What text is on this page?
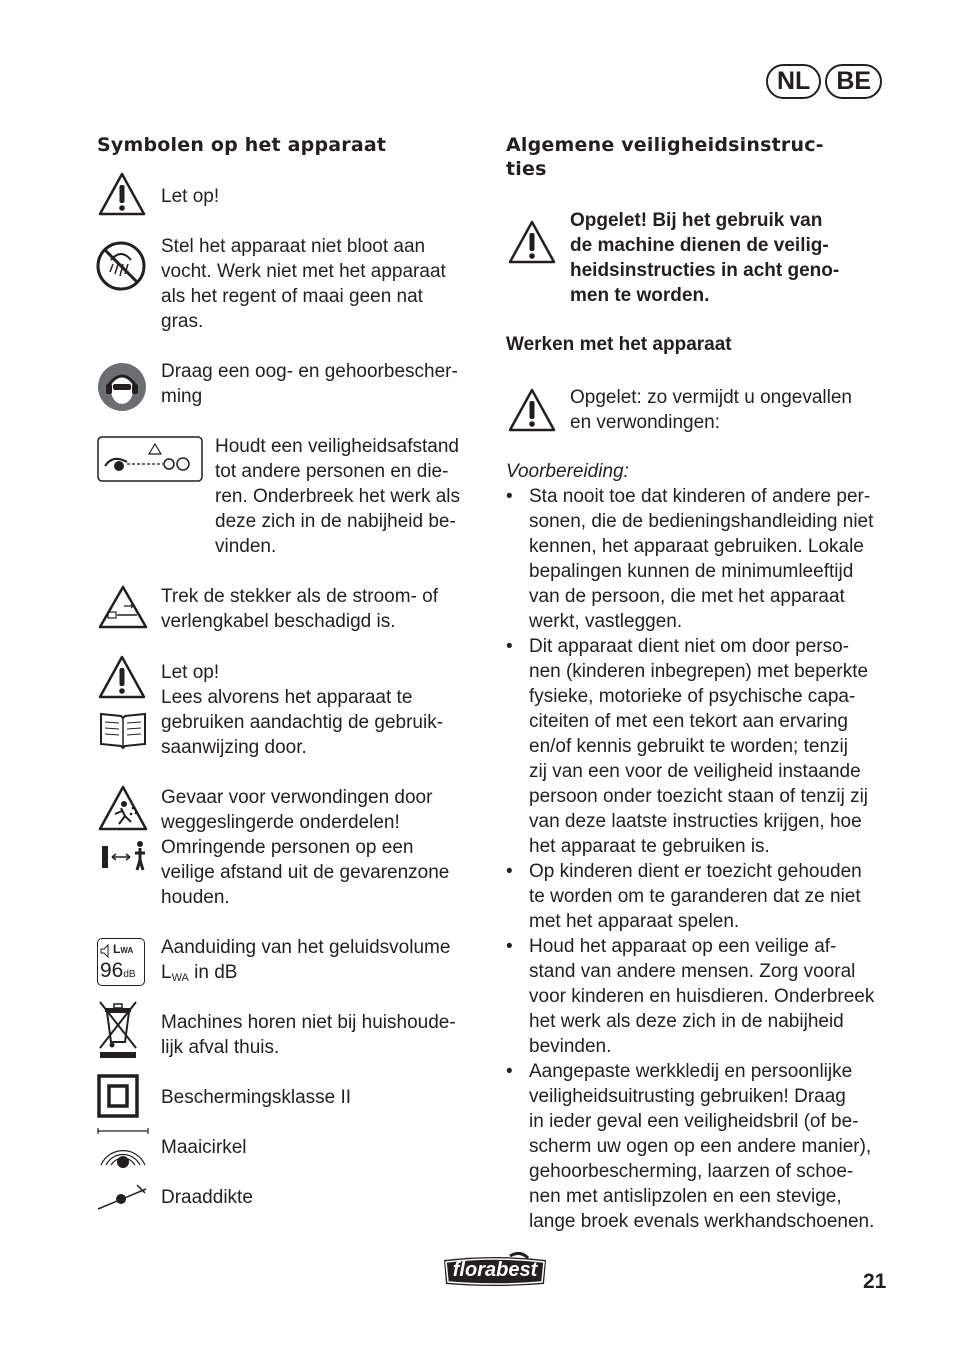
NL	BE
Symbolen op het apparaat
Let op!
Stel het apparaat niet bloot aan
vocht. Werk niet met het apparaat
als het regent of maai geen nat
gras.
Draag een oog- en gehoorbescher-
ming
Houdt een veiligheidsafstand
tot andere personen en die-
ren. Onderbreek het werk als
deze zich in de nabijheid be-
vinden.
Trek de stekker als de stroom- of
verlengkabel beschadigd is.
Let op!
Lees alvorens het apparaat te
gebruiken aandachtig de gebruik-
saanwijzing door.
Gevaar voor verwondingen door
weggeslingerde onderdelen!
Omringende personen op een
veilige afstand uit de gevarenzone
houden.
LWA
96dB
Aanduiding van het geluidsvolume
$L_{WA}$ in dB
Machines horen niet bij huishoude-
lijk afval thuis.
Beschermingsklasse II
Maaicirkel
Draaddikte
Algemene veiligheidsinstruc-
ties
Opgelet! Bij het gebruik van
de machine dienen de veilig-
heidsinstructies in acht geno-
men te worden.
Werken met het apparaat
Opgelet: zo vermijdt u ongevallen
en verwondingen:
Voorbereiding:
• Sta nooit toe dat kinderen of andere per-
sonen, die de bedieningshandleiding niet
kennen, het apparaat gebruiken. Lokale
bepalingen kunnen de minimumleeftijd
van de persoon, die met het apparaat
werkt, vastleggen.
• Dit apparaat dient niet om door perso-
nen (kinderen inbegrepen) met beperkte
fysieke, motorieke of psychische capa-
citeiten of met een tekort aan ervaring
en/of kennis gebruikt te worden; tenzij
zij van een voor de veiligheid instaande
persoon onder toezicht staan of tenzij zij
van deze laatste instructies krijgen, hoe
het apparaat te gebruiken is.
• Op kinderen dient er toezicht gehouden
te worden om te garanderen dat ze niet
met het apparaat spelen.
• Houd het apparaat op een veilige af-
stand van andere mensen. Zorg vooral
voor kinderen en huisdieren. Onderbreek
het werk als deze zich in de nabijheid
bevinden.
• Aangepaste werkkledij en persoonlijke
veiligheidsuitrusting gebruiken! Draag
in ieder geval een veiligheidsbril (of be-
scherm uw ogen op een andere manier),
gehoorbescherming, laarzen of schoe-
nen met antislipzolen en een stevige,
lange broek evenals werkhandschoenen.
florabest	21
